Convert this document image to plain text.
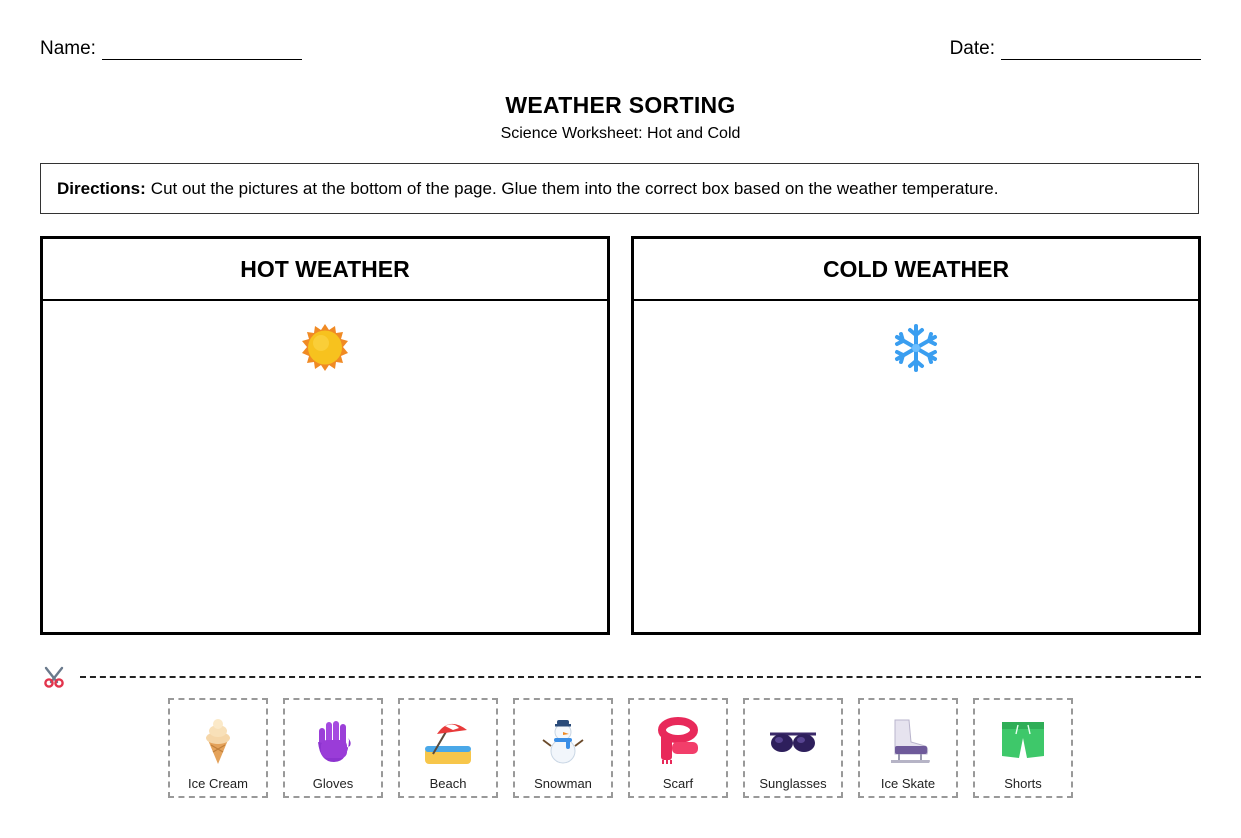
Name:	Date:
WEATHER SORTING
Science Worksheet: Hot and Cold
Directions: Cut out the pictures at the bottom of the page. Glue them into the correct box based on the weather temperature.
HOT WEATHER	COLD WEATHER
Ice Cream	Gloves	Beach	Snowman	Scarf	Sunglasses	Ice Skate	Shorts
